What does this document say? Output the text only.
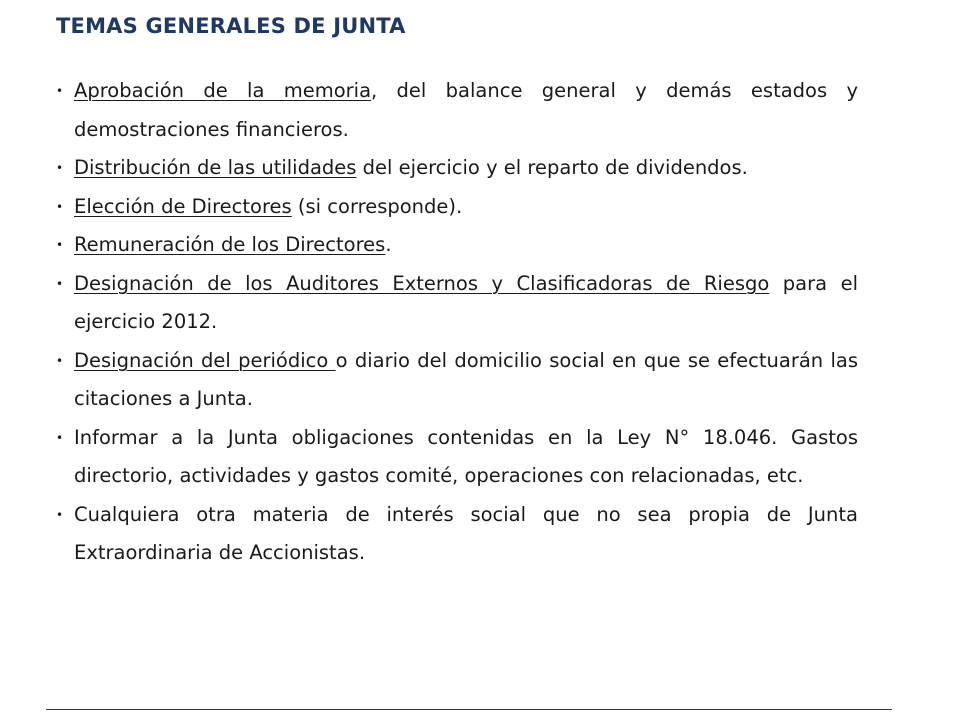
TEMAS GENERALES DE JUNTA
• Aprobación de la memoria, del balance general y demás estados y demostraciones financieros.
• Distribución de las utilidades del ejercicio y el reparto de dividendos.
• Elección de Directores (si corresponde).
• Remuneración de los Directores.
• Designación de los Auditores Externos y Clasificadoras de Riesgo para el ejercicio 2012.
• Designación del periódico o diario del domicilio social en que se efectuarán las citaciones a Junta.
• Informar a la Junta obligaciones contenidas en la Ley N° 18.046. Gastos directorio, actividades y gastos comité, operaciones con relacionadas, etc.
• Cualquiera otra materia de interés social que no sea propia de Junta Extraordinaria de Accionistas.
